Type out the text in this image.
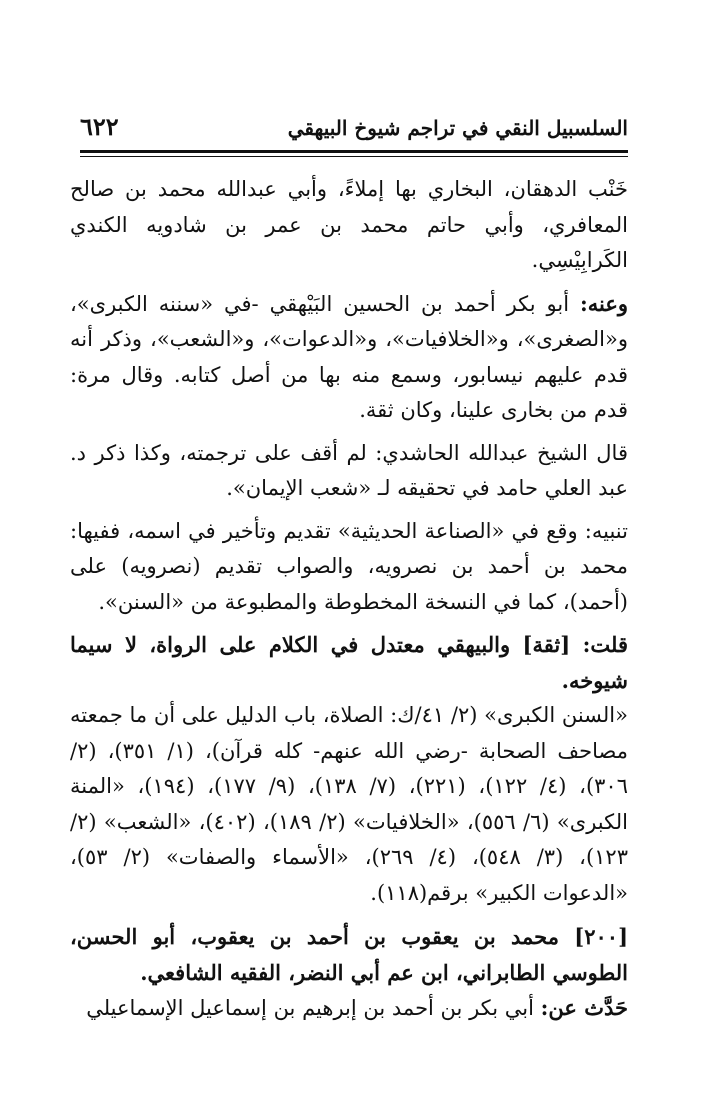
السلسبيل النقي في تراجم شيوخ البيهقي
٦٢٢

خَنْب الدهقان، البخاري بها إملاءً، وأبي عبدالله محمد بن صالح المعافري، وأبي حاتم محمد بن عمر بن شادويه الكندي الكَرابِيْسِي.

وعنه: أبو بكر أحمد بن الحسين البَيْهقي -في «سننه الكبرى»، و«الصغرى»، و«الخلافيات»، و«الدعوات»، و«الشعب»، وذكر أنه قدم عليهم نيسابور، وسمع منه بها من أصل كتابه. وقال مرة: قدم من بخارى علينا، وكان ثقة.

قال الشيخ عبدالله الحاشدي: لم أقف على ترجمته، وكذا ذكر د. عبد العلي حامد في تحقيقه لـ «شعب الإيمان».

تنبيه: وقع في «الصناعة الحديثية» تقديم وتأخير في اسمه، ففيها: محمد بن أحمد بن نصرويه، والصواب تقديم (نصرويه) على (أحمد)، كما في النسخة المخطوطة والمطبوعة من «السنن».

قلت: [ثقة] والبيهقي معتدل في الكلام على الرواة، لا سيما شيوخه.

«السنن الكبرى» (٢/ ٤١/ك: الصلاة، باب الدليل على أن ما جمعته مصاحف الصحابة -رضي الله عنهم- كله قرآن)، (١/ ٣٥١)، (٢/ ٣٠٦)، (٤/ ١٢٢)، (٢٢١)، (٧/ ١٣٨)، (٩/ ١٧٧)، (١٩٤)، «المنة الكبرى» (٦/ ٥٥٦)، «الخلافيات» (٢/ ١٨٩)، (٤٠٢)، «الشعب» (٢/ ١٢٣)، (٣/ ٥٤٨)، (٤/ ٢٦٩)، «الأسماء والصفات» (٢/ ٥٣)، «الدعوات الكبير» برقم(١١٨).

[٢٠٠] محمد بن يعقوب بن أحمد بن يعقوب، أبو الحسن، الطوسي الطابراني، ابن عم أبي النضر، الفقيه الشافعي.

حَدَّث عن: أبي بكر بن أحمد بن إبرهيم بن إسماعيل الإسماعيلي
